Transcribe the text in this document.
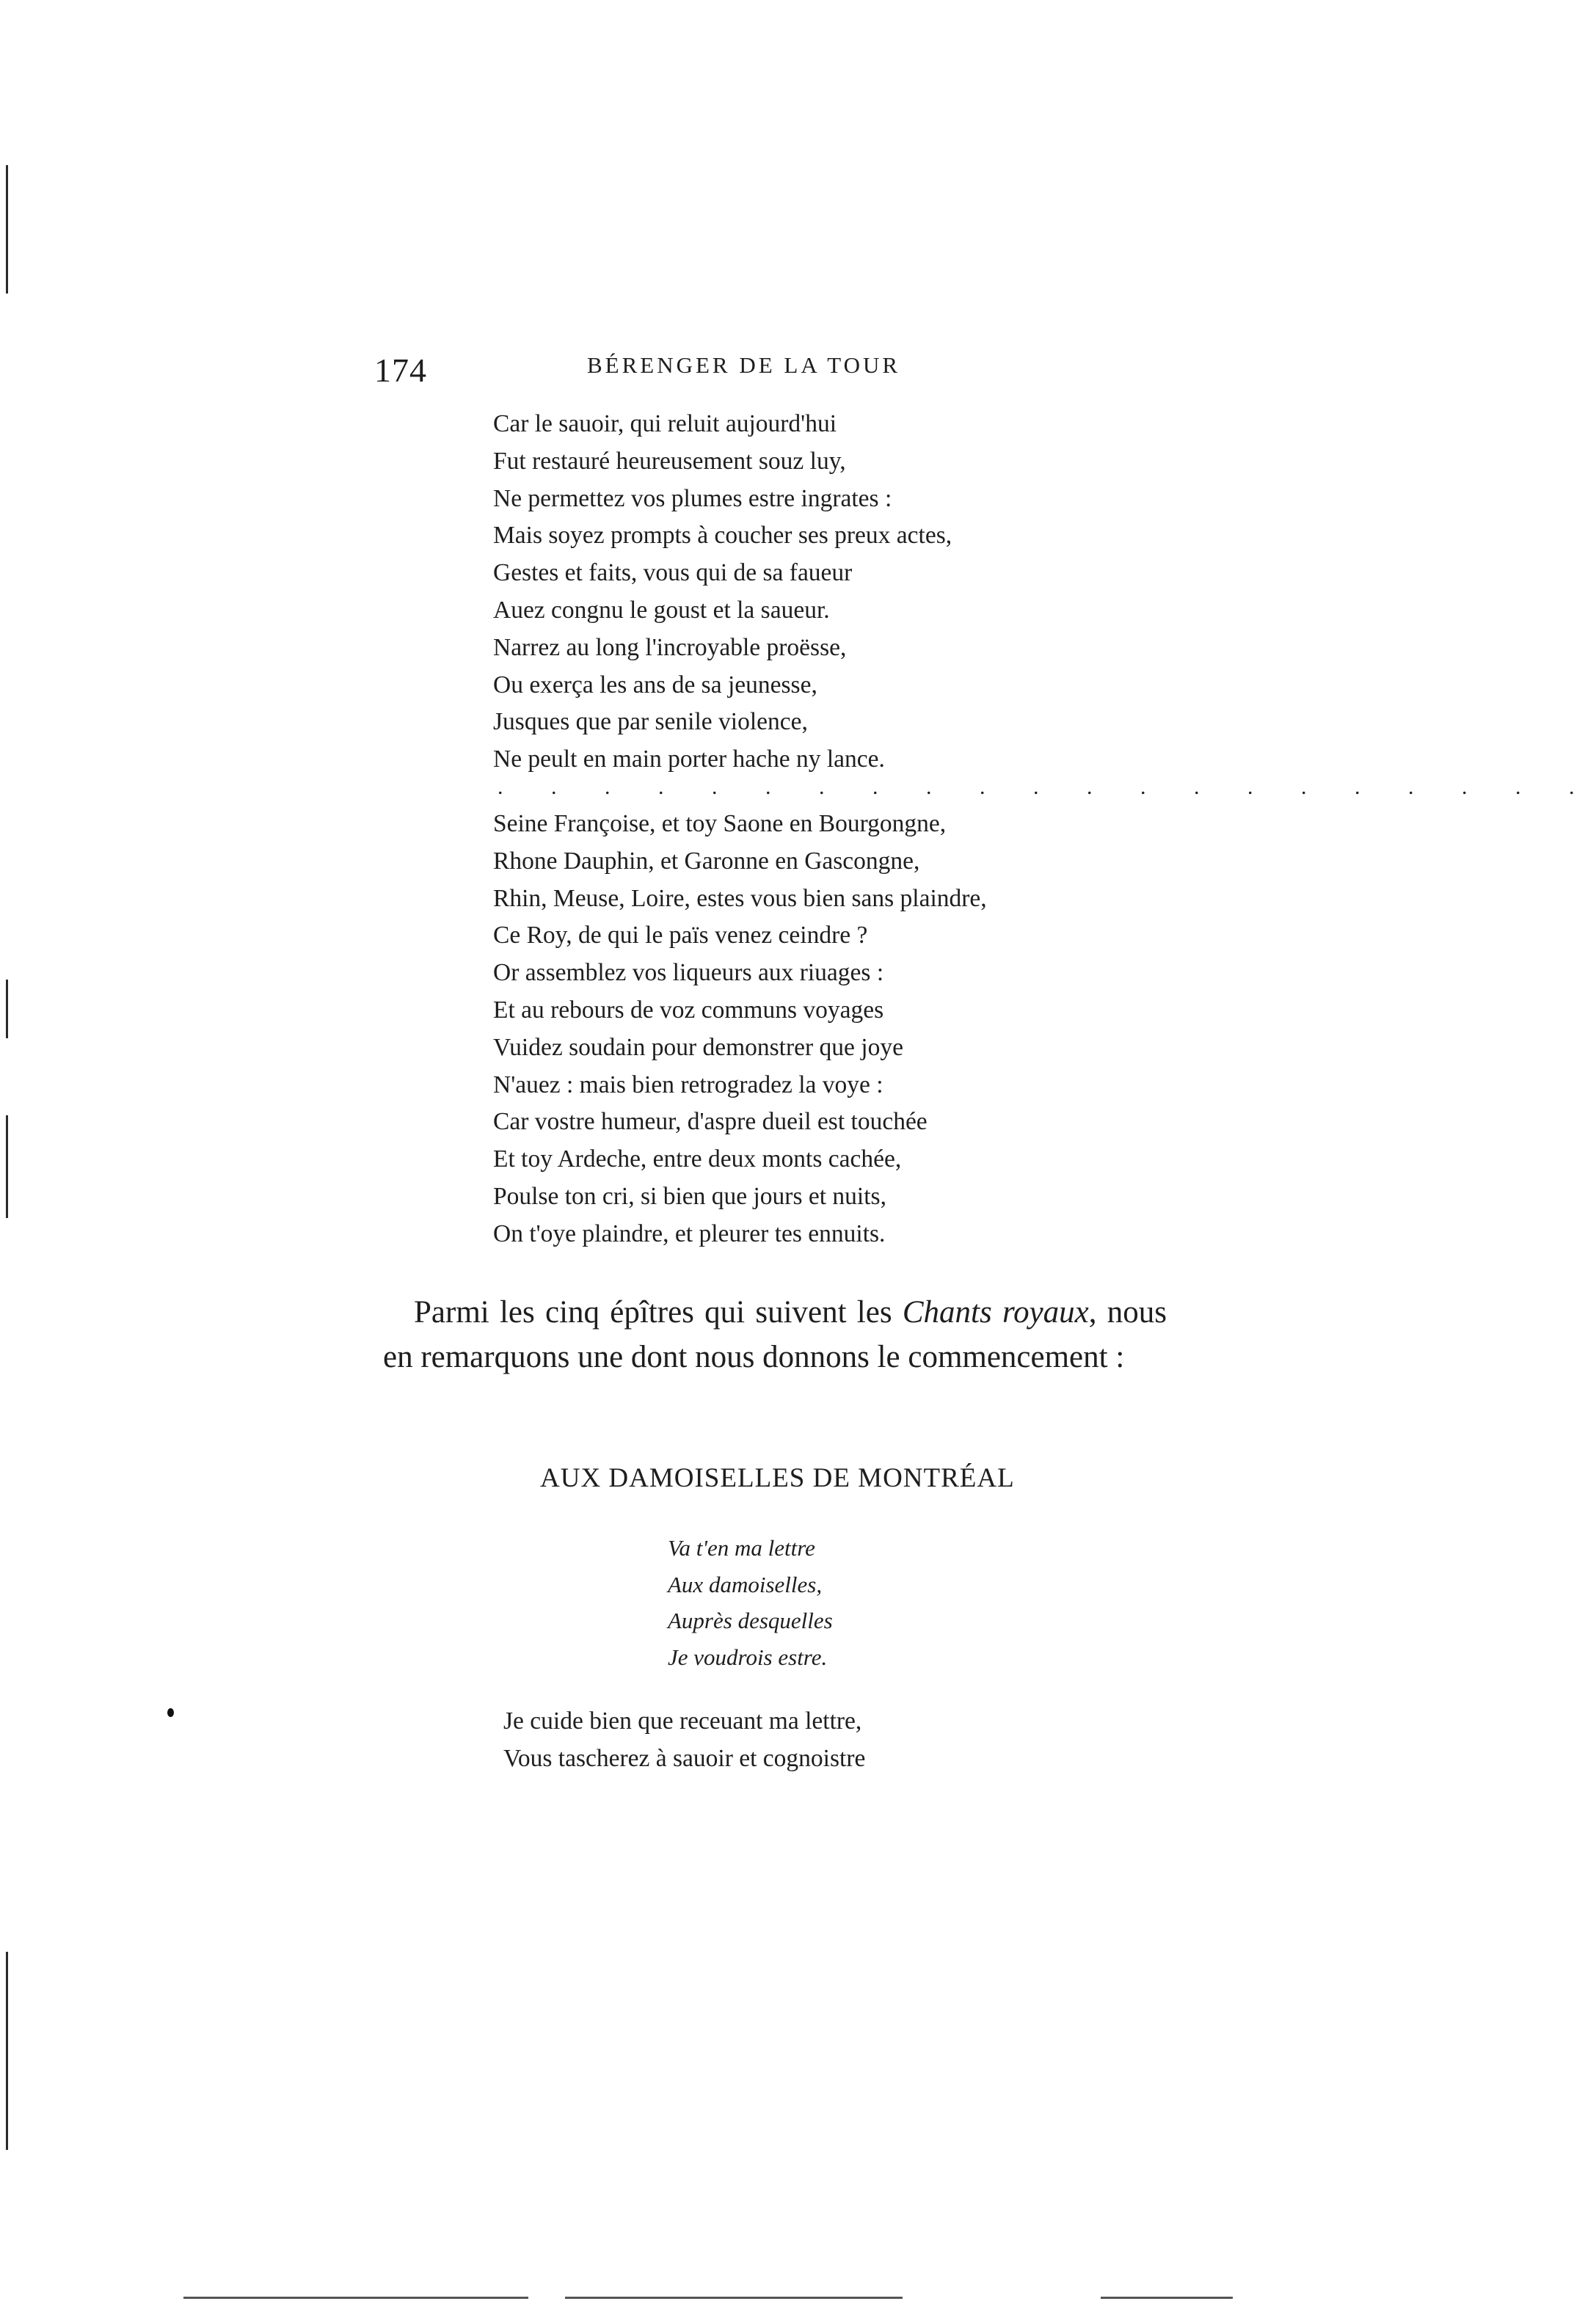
174	BÉRENGER DE LA TOUR
Car le sauoir, qui reluit aujourd'hui
Fut restauré heureusement souz luy,
Ne permettez vos plumes estre ingrates :
Mais soyez prompts à coucher ses preux actes,
Gestes et faits, vous qui de sa faueur
Auez congnu le goust et la saueur.
Narrez au long l'incroyable proësse,
Ou exerça les ans de sa jeunesse,
Jusques que par senile violence,
Ne peult en main porter hache ny lance.
. . . . . . . . . . . . . . . . . . . . .
Seine Françoise, et toy Saone en Bourgongne,
Rhone Dauphin, et Garonne en Gascongne,
Rhin, Meuse, Loire, estes vous bien sans plaindre,
Ce Roy, de qui le païs venez ceindre ?
Or assemblez vos liqueurs aux riuages :
Et au rebours de voz communs voyages
Vuidez soudain pour demonstrer que joye
N'auez : mais bien retrogradez la voye :
Car vostre humeur, d'aspre dueil est touchée
Et toy Ardeche, entre deux monts cachée,
Poulse ton cri, si bien que jours et nuits,
On t'oye plaindre, et pleurer tes ennuits.

Parmi les cinq épîtres qui suivent les Chants royaux, nous en remarquons une dont nous donnons le commencement :

AUX DAMOISELLES DE MONTRÉAL
Va t'en ma lettre
Aux damoiselles,
Auprès desquelles
Je voudrois estre.
Je cuide bien que receuant ma lettre,
Vous tascherez à sauoir et cognoistre
